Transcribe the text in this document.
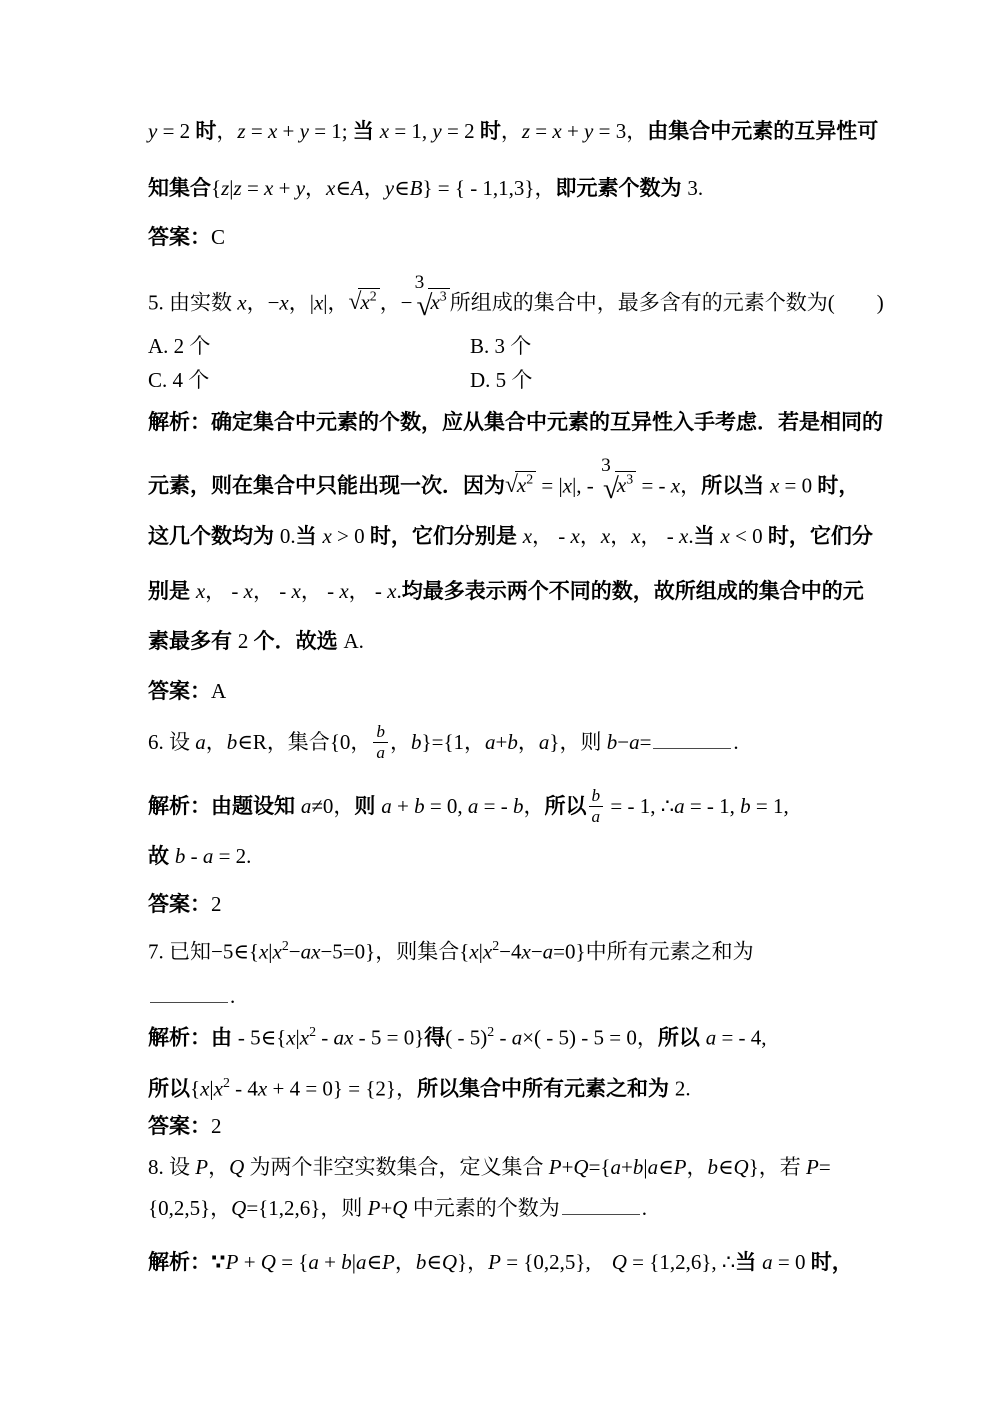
y = 2 时，z = x + y = 1; 当 x = 1, y = 2 时，z = x + y = 3，由集合中元素的互异性可
知集合{z|z = x + y，x∈A，y∈B} = { - 1,1,3}，即元素个数为 3.
答案：C
5. 由实数 x，−x，|x|，$√x^2$ ，−
3
$√x^3$ 所组成的集合中，最多含有的元素个数为(　　)
A. 2 个	B. 3 个
C. 4 个	D. 5 个
解析：确定集合中元素的个数，应从集合中元素的互异性入手考虑．若是相同的
元素，则在集合中只能出现一次．因为$√x^2 = |x|$, -
3
$√x^3$ = - x，所以当 x = 0 时，
这几个数均为 0.当 x > 0 时，它们分别是 x， - x，x，x， - x.当 x < 0 时，它们分
别是 x， - x， - x， - x， - x.均最多表示两个不同的数，故所组成的集合中的元
素最多有 2 个．故选 A.
答案：A
6. 设 a，b∈R，集合{0， $\frac{b}{a}$ ，b}={1，a+b，a}，则 b−a=	.
解析：由题设知 a≠0，则 a + b = 0, a = - b，所以 $\frac{b}{a}$ = - 1, ∴a = - 1, b = 1,
故 b - a = 2.
答案：2
7. 已知$-5\in\{x|x^2-ax-5=0\}$，则集合$\{x|x^2-4x-a=0\}$中所有元素之和为
.
解析：由 - $5\in\{x|x^2$ - ax - 5 = 0}得( - 5)$^2$ - a×( - 5) - 5 = 0，所以 a = - 4,
所以$\{x|x^2 - 4x + 4 = 0\} = \{2\}$，所以集合中所有元素之和为 2.
答案：2
8. 设 P，Q 为两个非空实数集合，定义集合 P+Q={a+b|a∈P，b∈Q}，若 P=
{0,2,5}，Q={1,2,6}，则 P+Q 中元素的个数为	.
解析：∵P + Q = {a + b|a∈P，b∈Q}，P = {0,2,5},　Q = {1,2,6}, ∴当 a = 0 时，
